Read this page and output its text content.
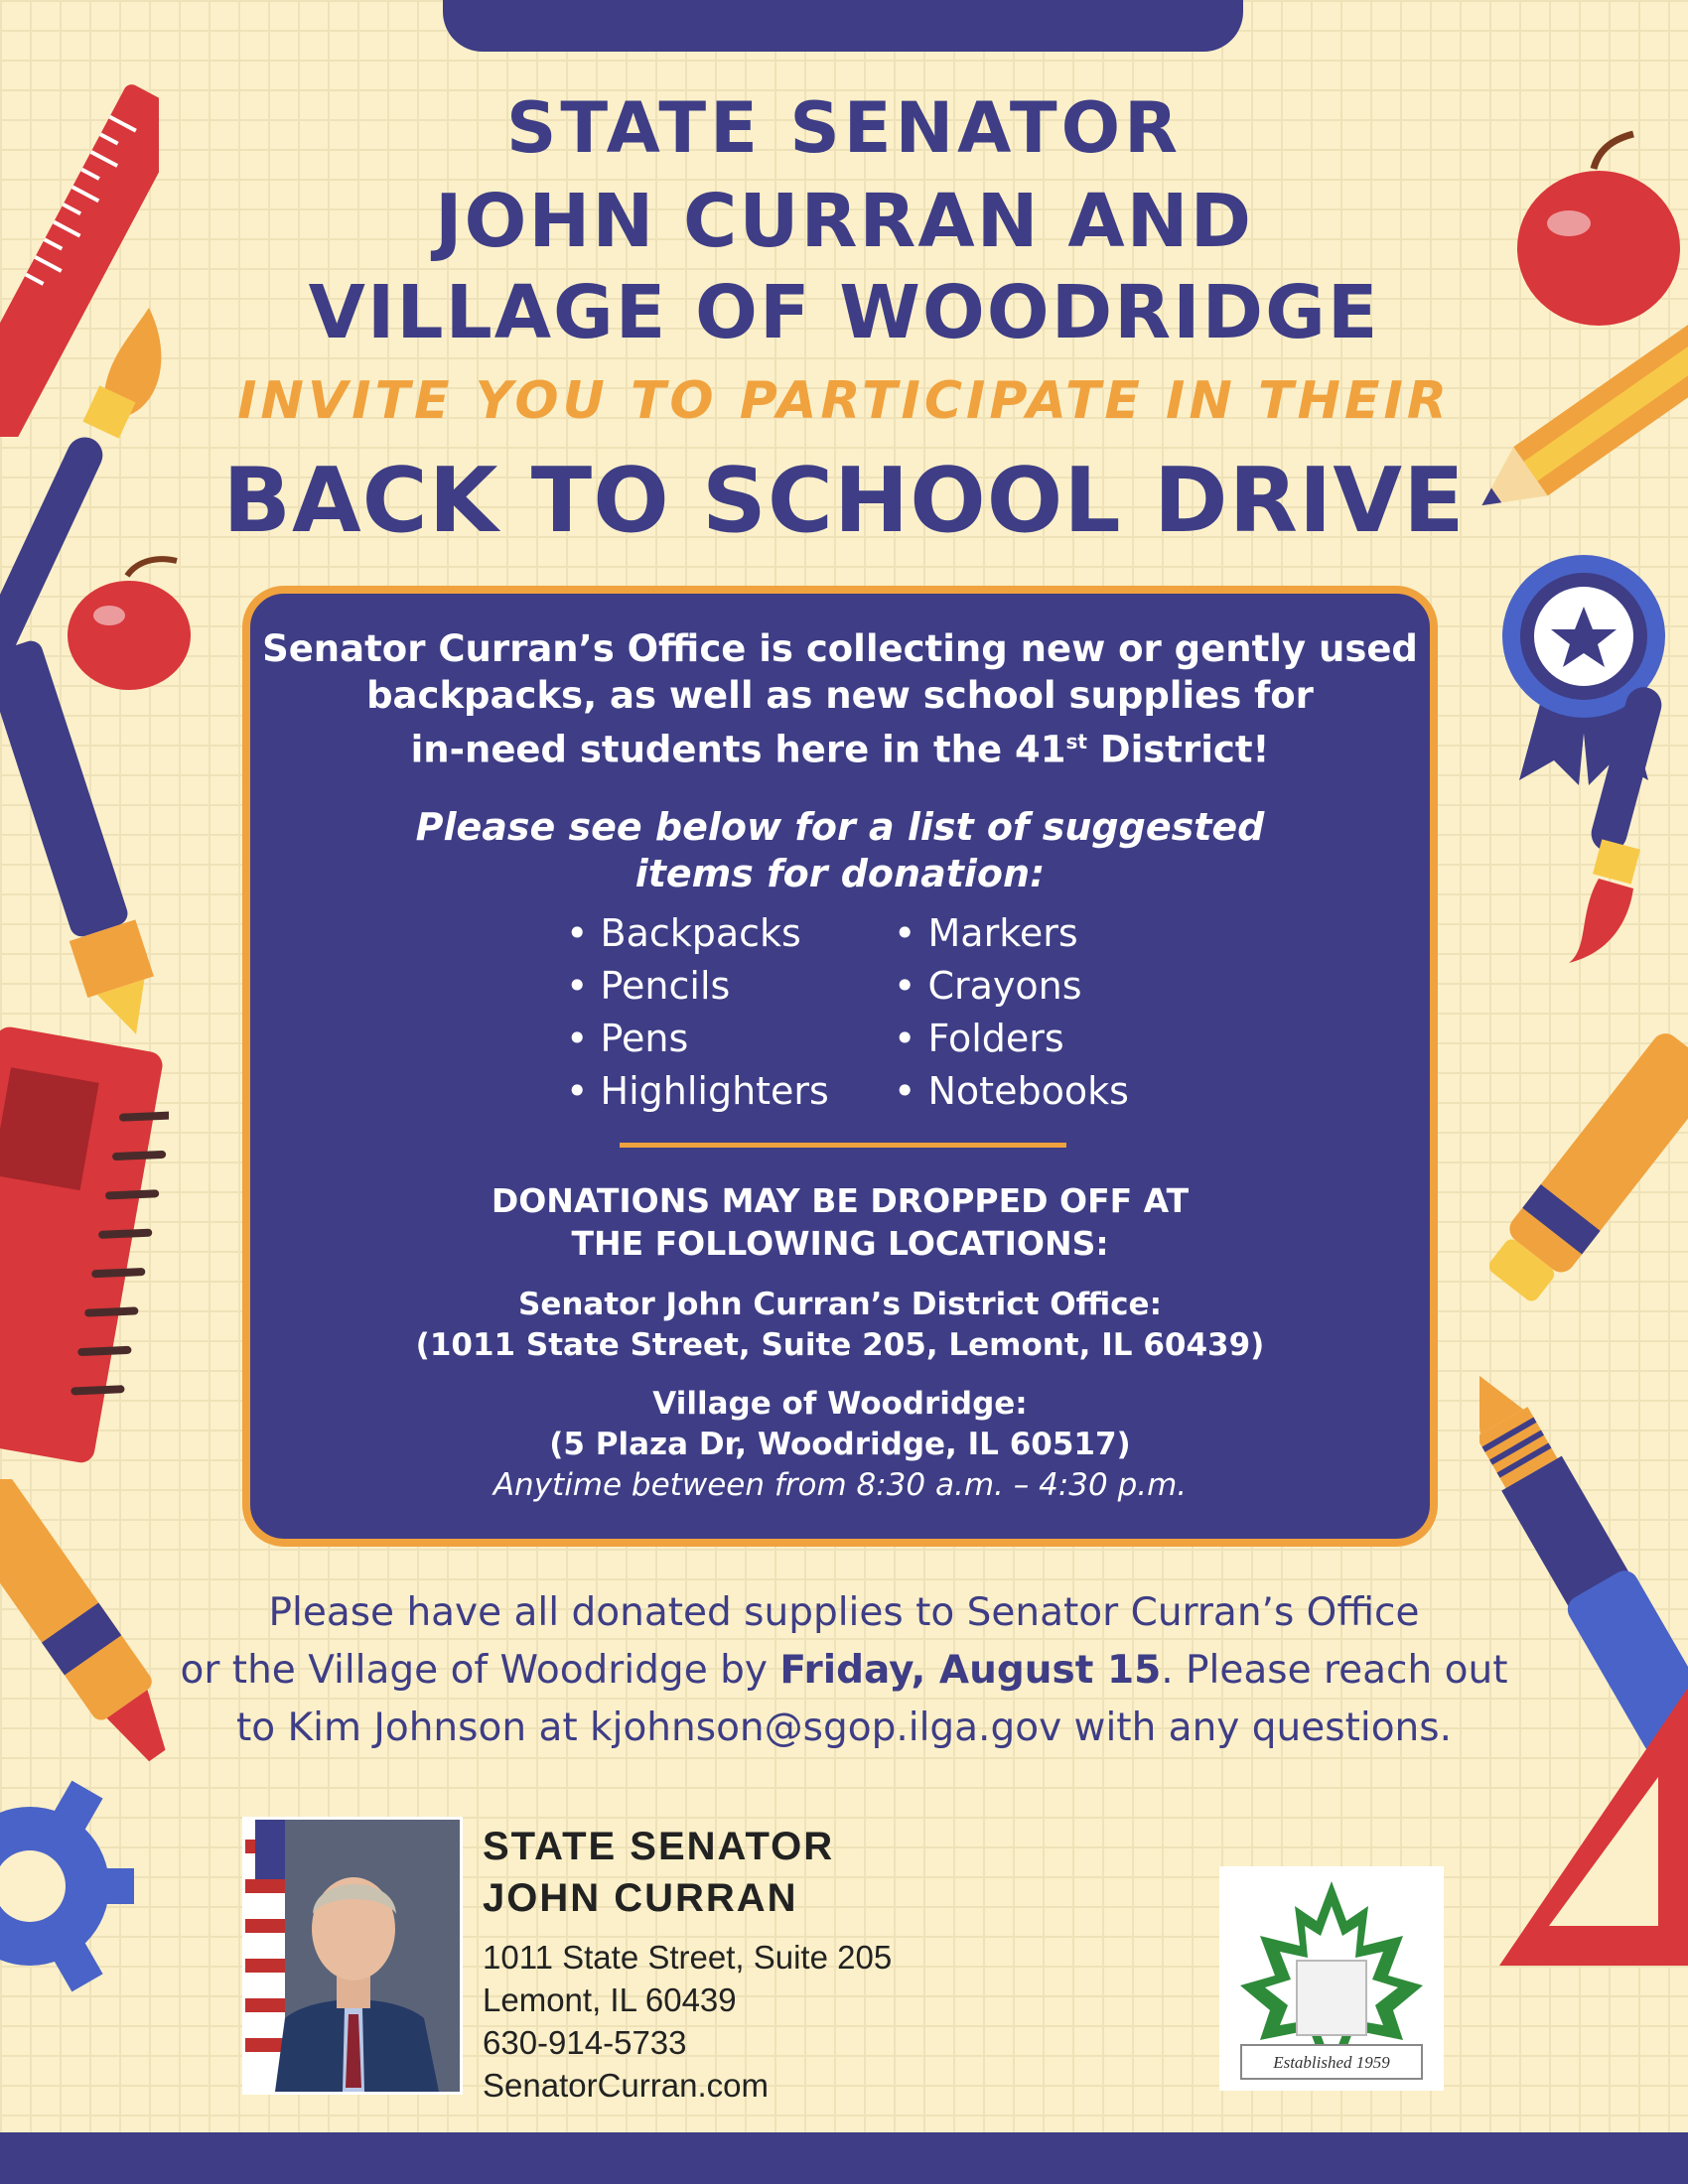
STATE SENATOR
JOHN CURRAN AND
VILLAGE OF WOODRIDGE
INVITE YOU TO PARTICIPATE IN THEIR
BACK TO SCHOOL DRIVE
Senator Curran’s Office is collecting new or gently used
backpacks, as well as new school supplies for
in-need students here in the 41st District!
Please see below for a list of suggested
items for donation:
• Backpacks
• Pencils
• Pens
• Highlighters
• Markers
• Crayons
• Folders
• Notebooks
DONATIONS MAY BE DROPPED OFF AT
THE FOLLOWING LOCATIONS:
Senator John Curran’s District Office:
(1011 State Street, Suite 205, Lemont, IL 60439)
Village of Woodridge:
(5 Plaza Dr, Woodridge, IL 60517)
Anytime between from 8:30 a.m. – 4:30 p.m.
Please have all donated supplies to Senator Curran’s Office
or the Village of Woodridge by Friday, August 15. Please reach out
to Kim Johnson at kjohnson@sgop.ilga.gov with any questions.

STATE SENATOR

JOHN CURRAN

1011 State Street, Suite 205

Lemont, IL 60439

630-914-5733

SenatorCurran.com

Established 1959
